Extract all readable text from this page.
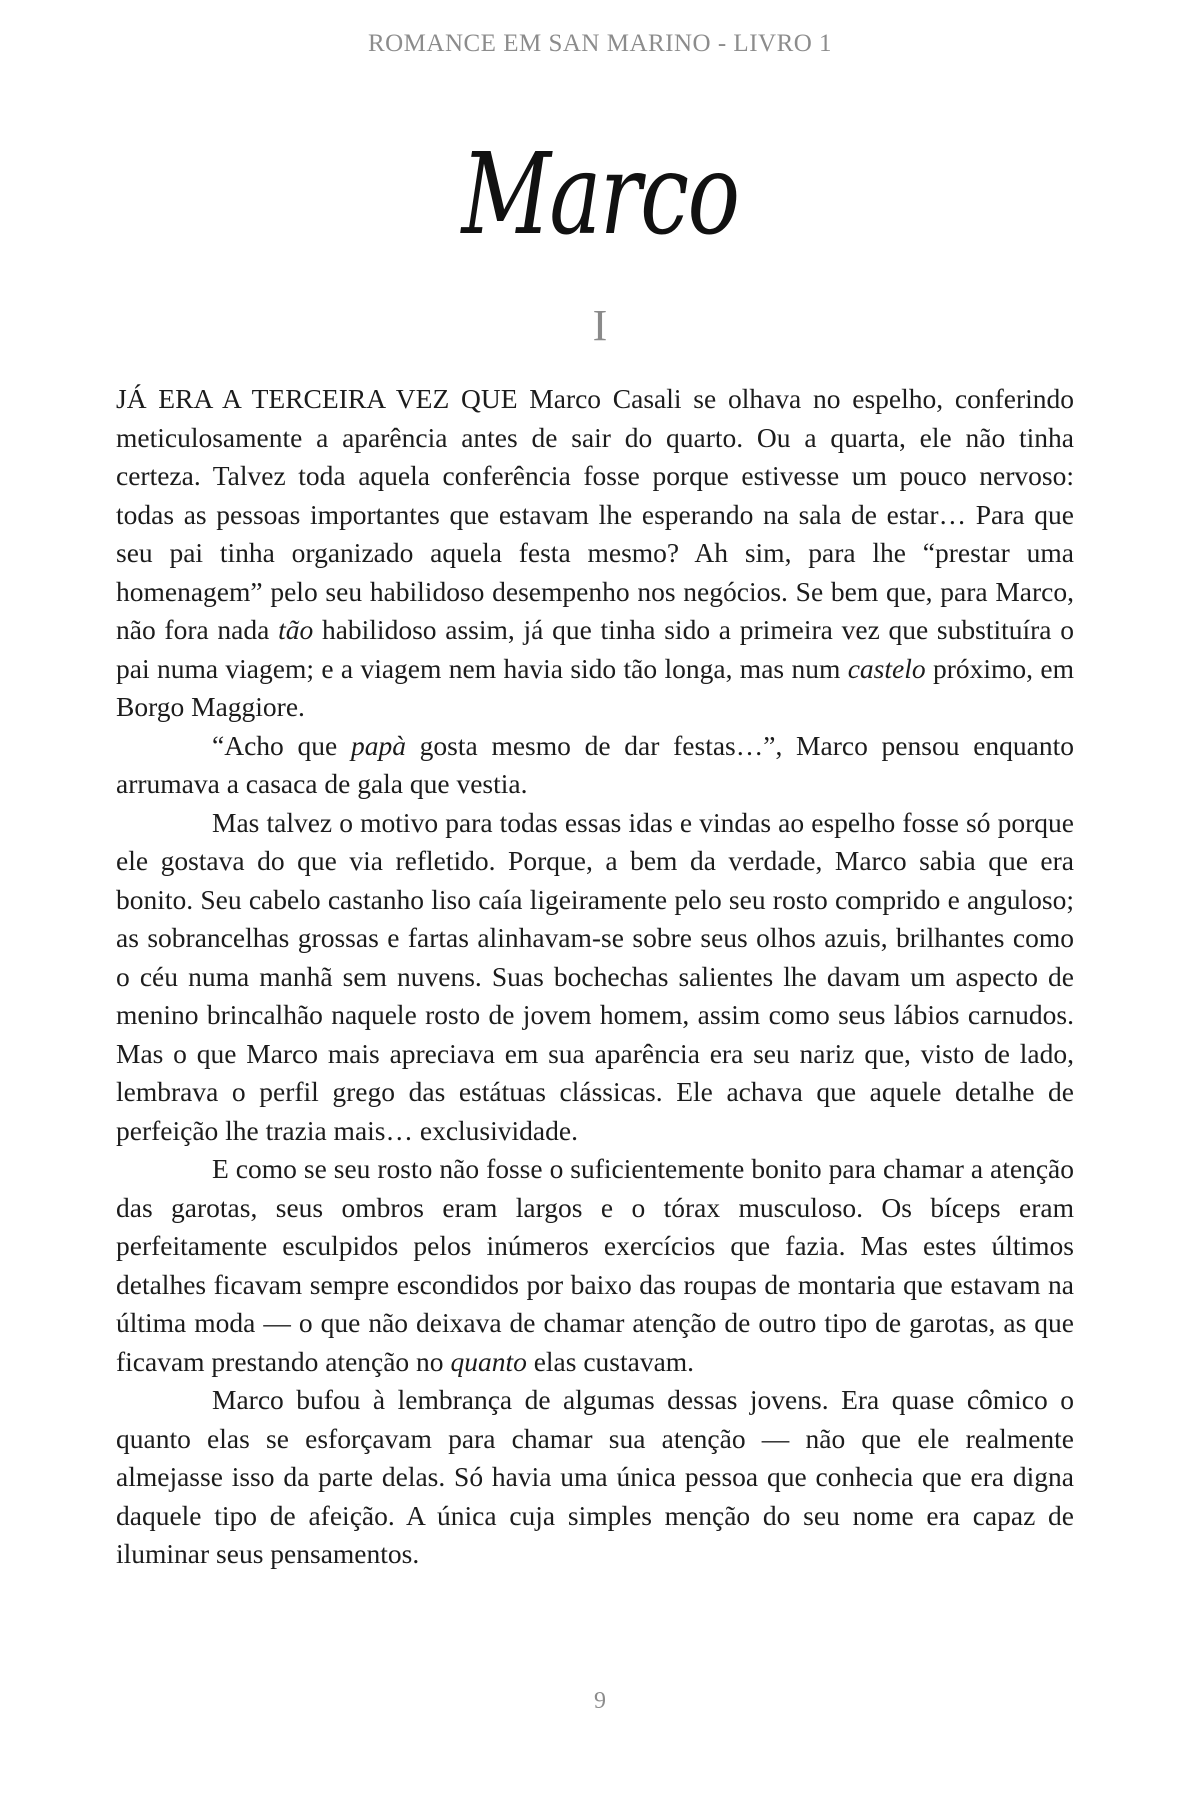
ROMANCE EM SAN MARINO - LIVRO 1
Marco
I

JÁ ERA A TERCEIRA VEZ QUE Marco Casali se olhava no espelho, conferindo meticulosamente a aparência antes de sair do quarto. Ou a quarta, ele não tinha certeza. Talvez toda aquela conferência fosse porque estivesse um pouco nervoso: todas as pessoas importantes que estavam lhe esperando na sala de estar… Para que seu pai tinha organizado aquela festa mesmo? Ah sim, para lhe “prestar uma homenagem” pelo seu habilidoso desempenho nos negócios. Se bem que, para Marco, não fora nada tão habilidoso assim, já que tinha sido a primeira vez que substituíra o pai numa viagem; e a viagem nem havia sido tão longa, mas num castelo próximo, em Borgo Maggiore.

“Acho que papà gosta mesmo de dar festas…”, Marco pensou enquanto arrumava a casaca de gala que vestia.

Mas talvez o motivo para todas essas idas e vindas ao espelho fosse só porque ele gostava do que via refletido. Porque, a bem da verdade, Marco sabia que era bonito. Seu cabelo castanho liso caía ligeiramente pelo seu rosto comprido e anguloso; as sobrancelhas grossas e fartas alinhavam-se sobre seus olhos azuis, brilhantes como o céu numa manhã sem nuvens. Suas bochechas salientes lhe davam um aspecto de menino brincalhão naquele rosto de jovem homem, assim como seus lábios carnudos. Mas o que Marco mais apreciava em sua aparência era seu nariz que, visto de lado, lembrava o perfil grego das estátuas clássicas. Ele achava que aquele detalhe de perfeição lhe trazia mais… exclusividade.

E como se seu rosto não fosse o suficientemente bonito para chamar a atenção das garotas, seus ombros eram largos e o tórax musculoso. Os bíceps eram perfeitamente esculpidos pelos inúmeros exercícios que fazia. Mas estes últimos detalhes ficavam sempre escondidos por baixo das roupas de montaria que estavam na última moda — o que não deixava de chamar atenção de outro tipo de garotas, as que ficavam prestando atenção no quanto elas custavam.

Marco bufou à lembrança de algumas dessas jovens. Era quase cômico o quanto elas se esforçavam para chamar sua atenção — não que ele realmente almejasse isso da parte delas. Só havia uma única pessoa que conhecia que era digna daquele tipo de afeição. A única cuja simples menção do seu nome era capaz de iluminar seus pensamentos.

9
